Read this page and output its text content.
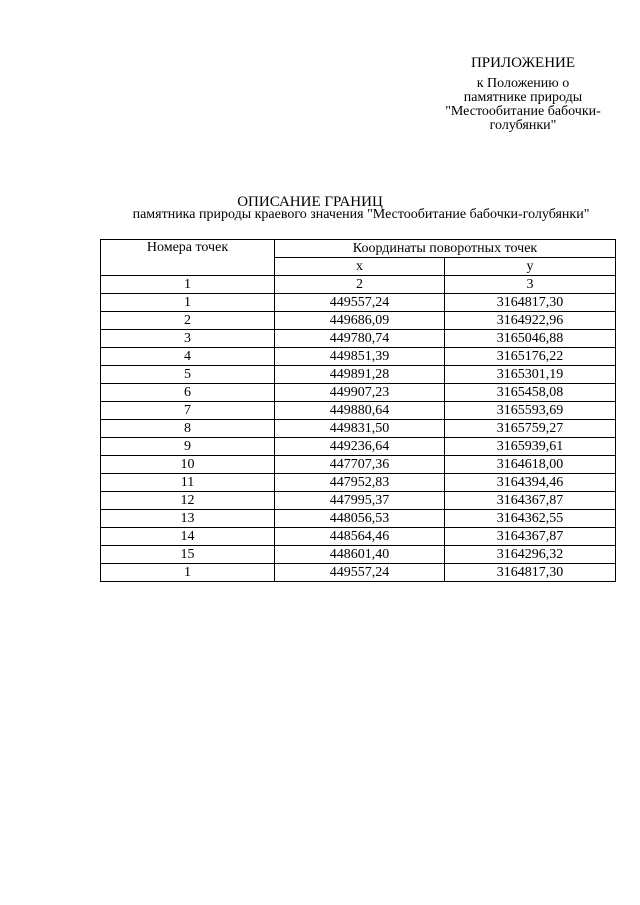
ПРИЛОЖЕНИЕ
к Положению о
памятнике природы
"Местообитание бабочки-
голубянки"
ОПИСАНИЕ ГРАНИЦ
памятника природы краевого значения "Местообитание бабочки-голубянки"
Номера точек	Координаты поворотных точек	
	x	y
1	2	3
1	449557,24	3164817,30
2	449686,09	3164922,96
3	449780,74	3165046,88
4	449851,39	3165176,22
5	449891,28	3165301,19
6	449907,23	3165458,08
7	449880,64	3165593,69
8	449831,50	3165759,27
9	449236,64	3165939,61
10	447707,36	3164618,00
11	447952,83	3164394,46
12	447995,37	3164367,87
13	448056,53	3164362,55
14	448564,46	3164367,87
15	448601,40	3164296,32
1	449557,24	3164817,30
